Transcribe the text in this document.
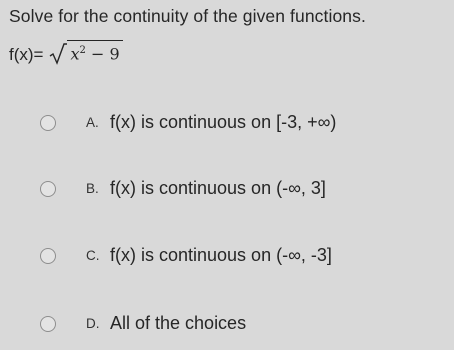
Solve for the continuity of the given functions.
$f(x)= x^2 - 9$
A. f(x) is continuous on [-3, +∞)
B. f(x) is continuous on (-∞, 3]
C. f(x) is continuous on (-∞, -3]
D. All of the choices
